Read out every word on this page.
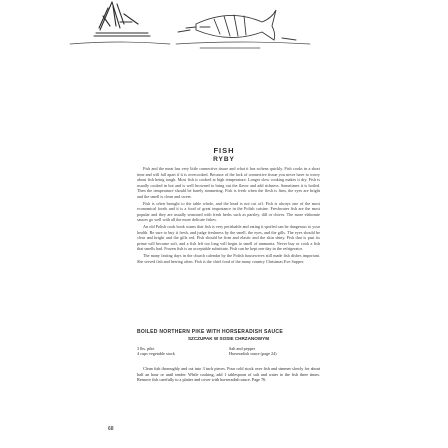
FISH
RYBY

Fish and the meat has very little connective tissue and what it has softens quickly. Fish cooks in a short time and will fall apart if it is overcooked. Because of the lack of connective tissue you never have to worry about fish being tough. Most fish is cooked at high temperature. Longer slow cooking makes it dry. Fish is usually cooked in hot and is well browned to bring out the flavor and add richness. Sometimes it is boiled. Then the temperature should be barely simmering. Fish is fresh when the flesh is firm, the eyes are bright and the smell is clean and sweet.

Fish is often brought to the table whole, and the head is not cut off. Fish is always one of the most economical foods and it is a food of great importance in the Polish cuisine. Freshwater fish are the most popular and they are usually seasoned with fresh herbs such as parsley, dill or chives. The more elaborate sauces go well with all the more delicate fishes.

An old Polish cook book warns that fish is very perishable and eating it spoiled can be dangerous to your health. Be sure to buy it fresh, and judge freshness by the smell, the eyes, and the gills. The eyes should be clear and bright and the gills red. Fish should be firm and elastic and the skin shiny. Fish that is past its prime will become soft, and a fish left too long will begin to smell of ammonia. Never buy or cook a fish that smells bad. Frozen fish is an acceptable substitute. Fish can be kept one day in the refrigerator.

The many fasting days in the church calendar by the Polish housewives still made fish dishes important. She served fish and herring often. Fish is the chief food of the many country Christmas Eve Supper.

BOILED NORTHERN PIKE WITH HORSERADISH SAUCE
SZCZUPAK W SOSIE CHRZANOWYM
3 lbs. pike	Salt and pepper
4 cups vegetable stock	Horseradish sauce (page 24)

Clean fish thoroughly and cut into 3 inch pieces. Pour cold stock over fish and simmer slowly for about half an hour or until tender. While cooking, add 1 tablespoon of salt and water to the fish three times. Remove fish carefully to a platter and cover with horseradish sauce. Page 76.

68
